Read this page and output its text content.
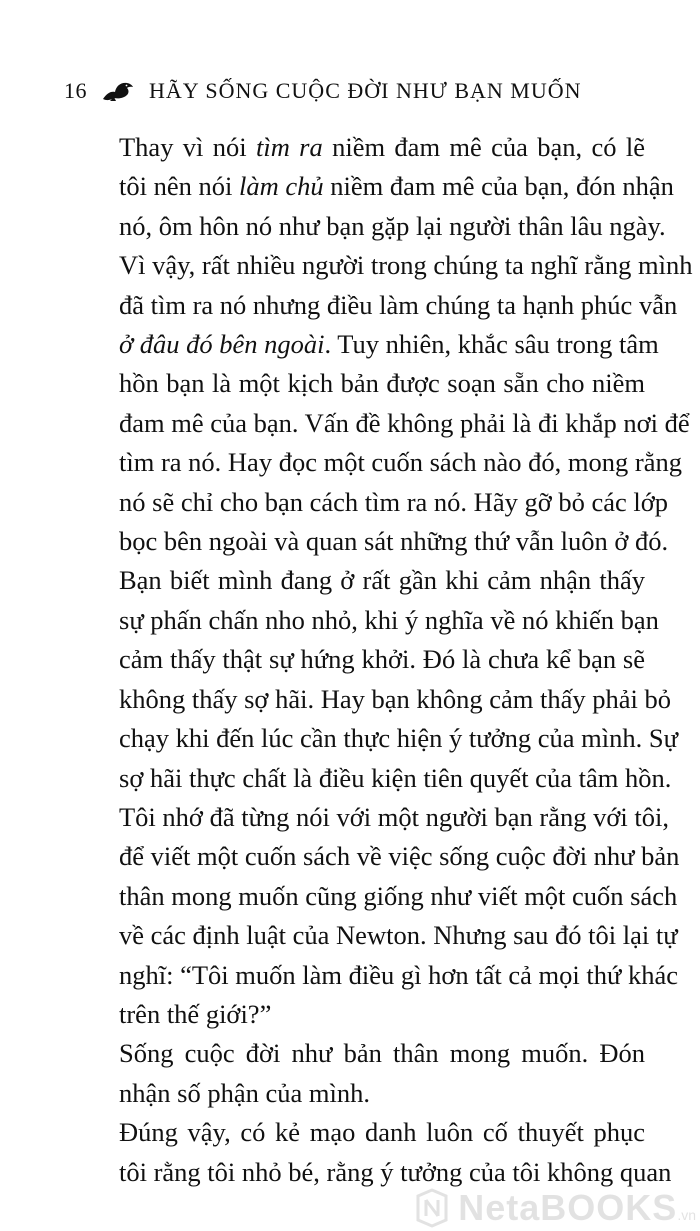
16	HÃY SỐNG CUỘC ĐỜI NHƯ BẠN MUỐN

Thay vì nói tìm ra niềm đam mê của bạn, có lẽ
tôi nên nói làm chủ niềm đam mê của bạn, đón nhận
nó, ôm hôn nó như bạn gặp lại người thân lâu ngày.
Vì vậy, rất nhiều người trong chúng ta nghĩ rằng mình
đã tìm ra nó nhưng điều làm chúng ta hạnh phúc vẫn
ở đâu đó bên ngoài. Tuy nhiên, khắc sâu trong tâm
hồn bạn là một kịch bản được soạn sẵn cho niềm
đam mê của bạn. Vấn đề không phải là đi khắp nơi để
tìm ra nó. Hay đọc một cuốn sách nào đó, mong rằng
nó sẽ chỉ cho bạn cách tìm ra nó. Hãy gỡ bỏ các lớp
bọc bên ngoài và quan sát những thứ vẫn luôn ở đó.

Bạn biết mình đang ở rất gần khi cảm nhận thấy
sự phấn chấn nho nhỏ, khi ý nghĩa về nó khiến bạn
cảm thấy thật sự hứng khởi. Đó là chưa kể bạn sẽ
không thấy sợ hãi. Hay bạn không cảm thấy phải bỏ
chạy khi đến lúc cần thực hiện ý tưởng của mình. Sự
sợ hãi thực chất là điều kiện tiên quyết của tâm hồn.
Tôi nhớ đã từng nói với một người bạn rằng với tôi,
để viết một cuốn sách về việc sống cuộc đời như bản
thân mong muốn cũng giống như viết một cuốn sách
về các định luật của Newton. Nhưng sau đó tôi lại tự
nghĩ: “Tôi muốn làm điều gì hơn tất cả mọi thứ khác
trên thế giới?”

Sống cuộc đời như bản thân mong muốn. Đón
nhận số phận của mình.

Đúng vậy, có kẻ mạo danh luôn cố thuyết phục
tôi rằng tôi nhỏ bé, rằng ý tưởng của tôi không quan

NetaBOOKS .vn
